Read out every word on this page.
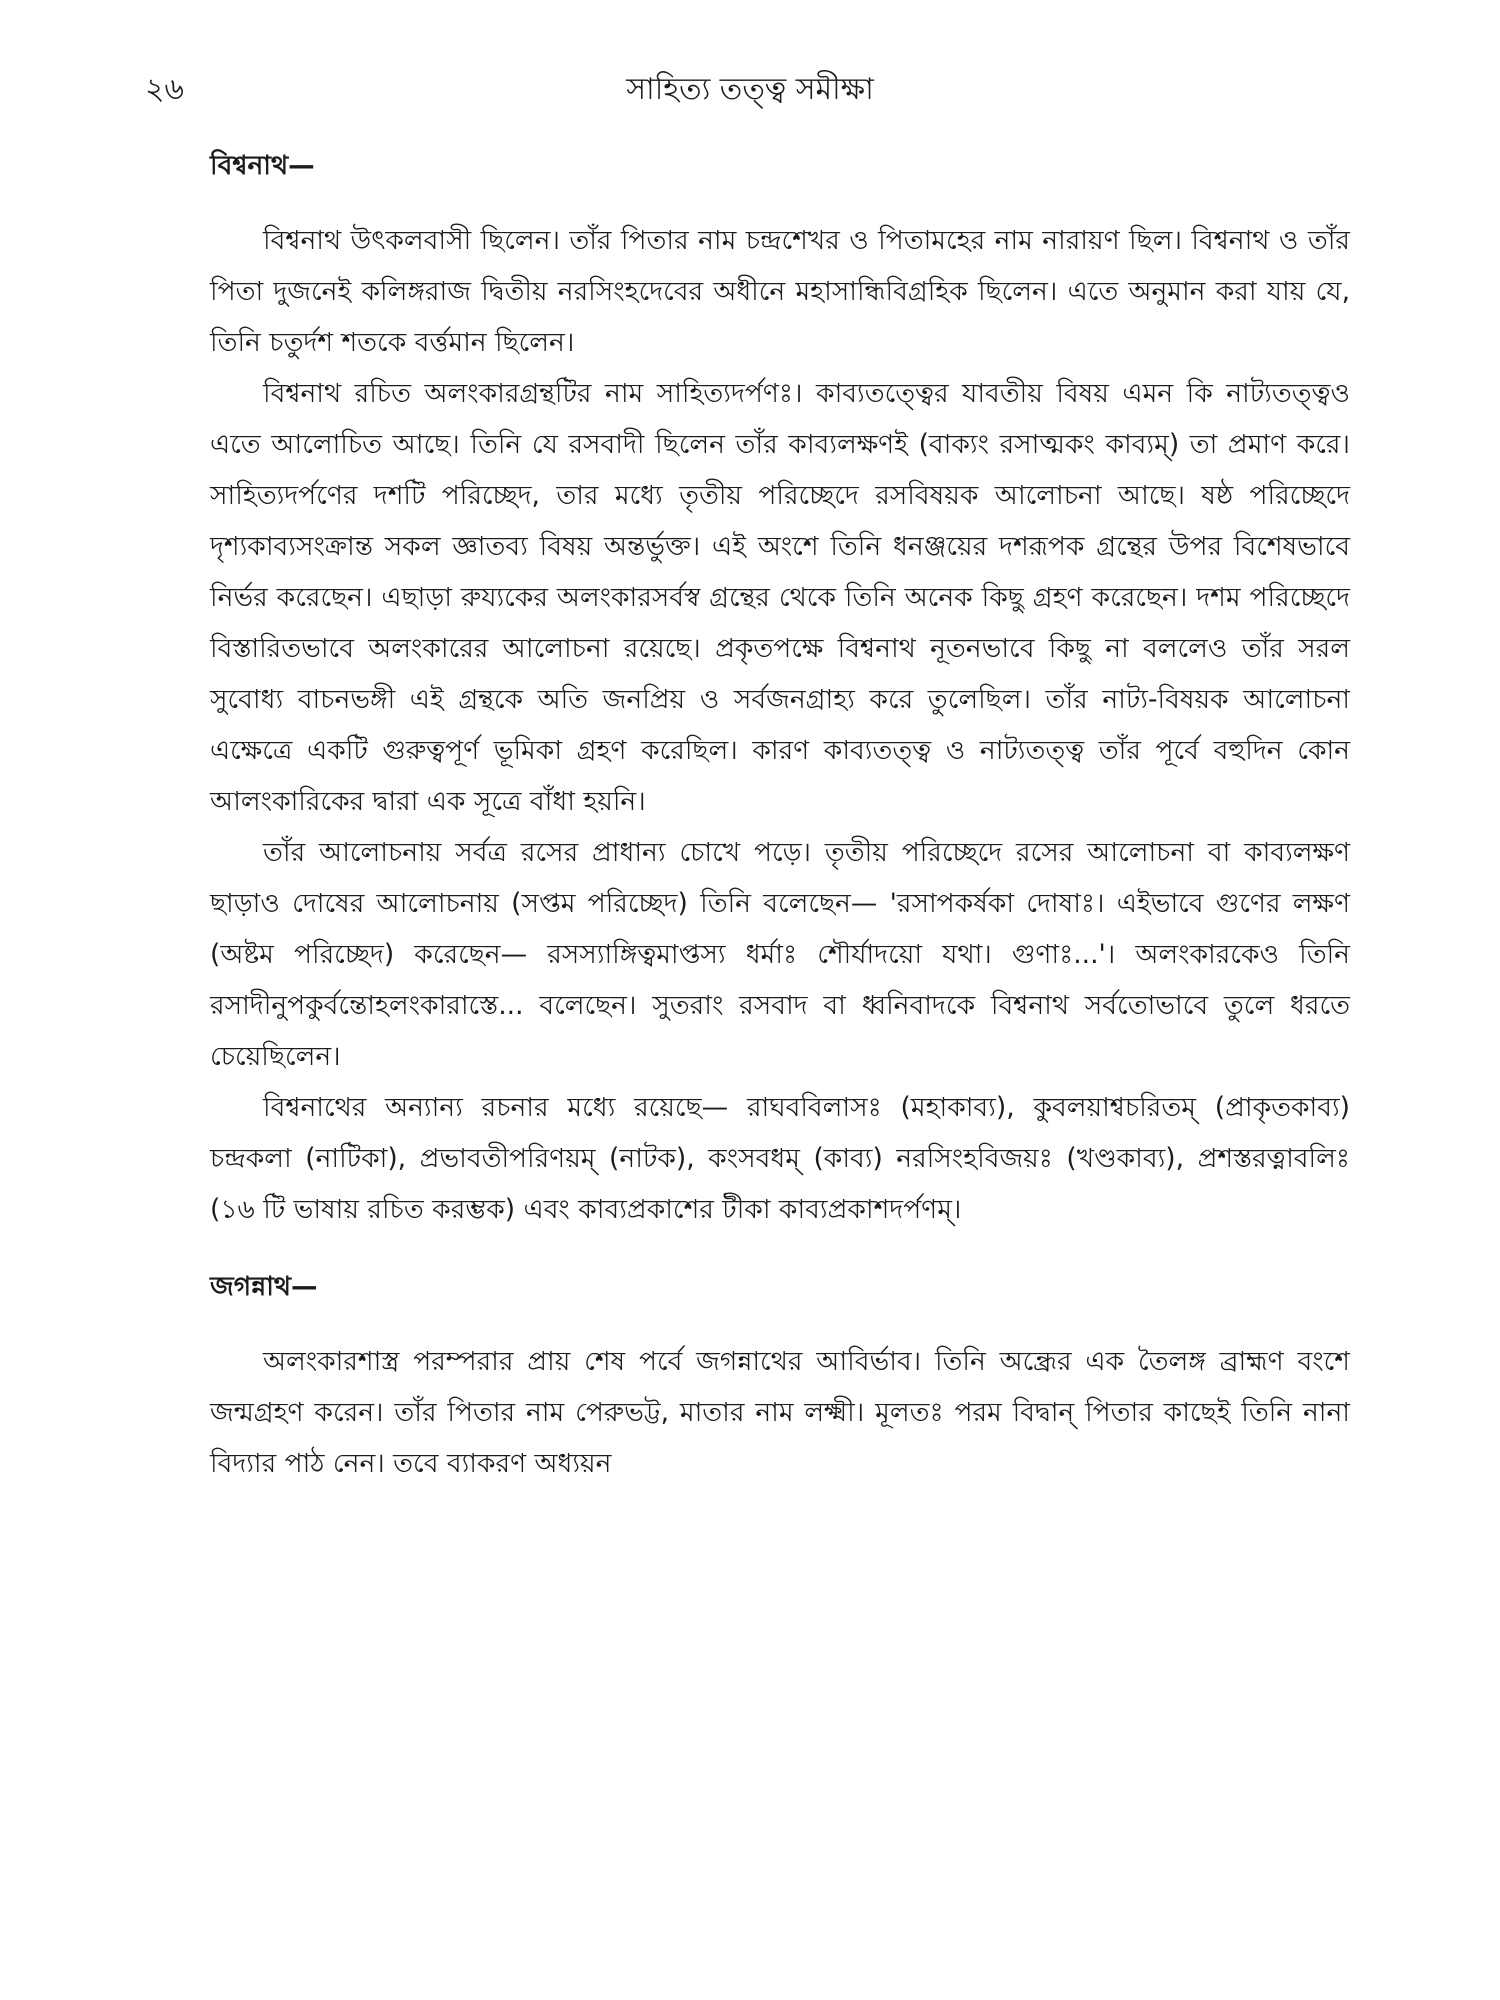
২৬	সাহিত্য তত্ত্ব সমীক্ষা
বিশ্বনাথ—

বিশ্বনাথ উৎকলবাসী ছিলেন। তাঁর পিতার নাম চন্দ্রশেখর ও পিতামহের নাম নারায়ণ ছিল। বিশ্বনাথ ও তাঁর পিতা দুজনেই কলিঙ্গরাজ দ্বিতীয় নরসিংহদেবের অধীনে মহাসান্ধিবিগ্রহিক ছিলেন। এতে অনুমান করা যায় যে, তিনি চতুর্দশ শতকে বর্ত্তমান ছিলেন।

বিশ্বনাথ রচিত অলংকারগ্রন্থটির নাম সাহিত্যদর্পণঃ। কাব্যতত্ত্বের যাবতীয় বিষয় এমন কি নাট্যতত্ত্বও এতে আলোচিত আছে। তিনি যে রসবাদী ছিলেন তাঁর কাব্যলক্ষণই (বাক্যং রসাত্মকং কাব্যম্) তা প্রমাণ করে। সাহিত্যদর্পণের দশটি পরিচ্ছেদ, তার মধ্যে তৃতীয় পরিচ্ছেদে রসবিষয়ক আলোচনা আছে। ষষ্ঠ পরিচ্ছেদে দৃশ্যকাব্যসংক্রান্ত সকল জ্ঞাতব্য বিষয় অন্তর্ভুক্ত। এই অংশে তিনি ধনঞ্জয়ের দশরূপক গ্রন্থের উপর বিশেষভাবে নির্ভর করেছেন। এছাড়া রুয্যকের অলংকারসর্বস্ব গ্রন্থের থেকে তিনি অনেক কিছু গ্রহণ করেছেন। দশম পরিচ্ছেদে বিস্তারিতভাবে অলংকারের আলোচনা রয়েছে। প্রকৃতপক্ষে বিশ্বনাথ নূতনভাবে কিছু না বললেও তাঁর সরল সুবোধ্য বাচনভঙ্গী এই গ্রন্থকে অতি জনপ্রিয় ও সর্বজনগ্রাহ্য করে তুলেছিল। তাঁর নাট্য-বিষয়ক আলোচনা এক্ষেত্রে একটি গুরুত্বপূর্ণ ভূমিকা গ্রহণ করেছিল। কারণ কাব্যতত্ত্ব ও নাট্যতত্ত্ব তাঁর পূর্বে বহুদিন কোন আলংকারিকের দ্বারা এক সূত্রে বাঁধা হয়নি।

তাঁর আলোচনায় সর্বত্র রসের প্রাধান্য চোখে পড়ে। তৃতীয় পরিচ্ছেদে রসের আলোচনা বা কাব্যলক্ষণ ছাড়াও দোষের আলোচনায় (সপ্তম পরিচ্ছেদ) তিনি বলেছেন— 'রসাপকর্ষকা দোষাঃ। এইভাবে গুণের লক্ষণ (অষ্টম পরিচ্ছেদ) করেছেন— রসস্যাঙ্গিত্বমাপ্তস্য ধর্মাঃ শৌর্যাদয়ো যথা। গুণাঃ...'। অলংকারকেও তিনি রসাদীনুপকুর্বন্তোহলংকারাস্তে... বলেছেন। সুতরাং রসবাদ বা ধ্বনিবাদকে বিশ্বনাথ সর্বতোভাবে তুলে ধরতে চেয়েছিলেন।

বিশ্বনাথের অন্যান্য রচনার মধ্যে রয়েছে— রাঘববিলাসঃ (মহাকাব্য), কুবলয়াশ্বচরিতম্ (প্রাকৃতকাব্য) চন্দ্রকলা (নাটিকা), প্রভাবতীপরিণয়ম্ (নাটক), কংসবধম্ (কাব্য) নরসিংহবিজয়ঃ (খণ্ডকাব্য), প্রশস্তরত্নাবলিঃ (১৬ টি ভাষায় রচিত করম্ভক) এবং কাব্যপ্রকাশের টীকা কাব্যপ্রকাশদর্পণম্।

জগন্নাথ—

অলংকারশাস্ত্র পরম্পরার প্রায় শেষ পর্বে জগন্নাথের আবির্ভাব। তিনি অন্ধ্রের এক তৈলঙ্গ ব্রাহ্মণ বংশে জন্মগ্রহণ করেন। তাঁর পিতার নাম পেরুভট্ট, মাতার নাম লক্ষ্মী। মূলতঃ পরম বিদ্বান্ পিতার কাছেই তিনি নানা বিদ্যার পাঠ নেন। তবে ব্যাকরণ অধ্যয়ন
